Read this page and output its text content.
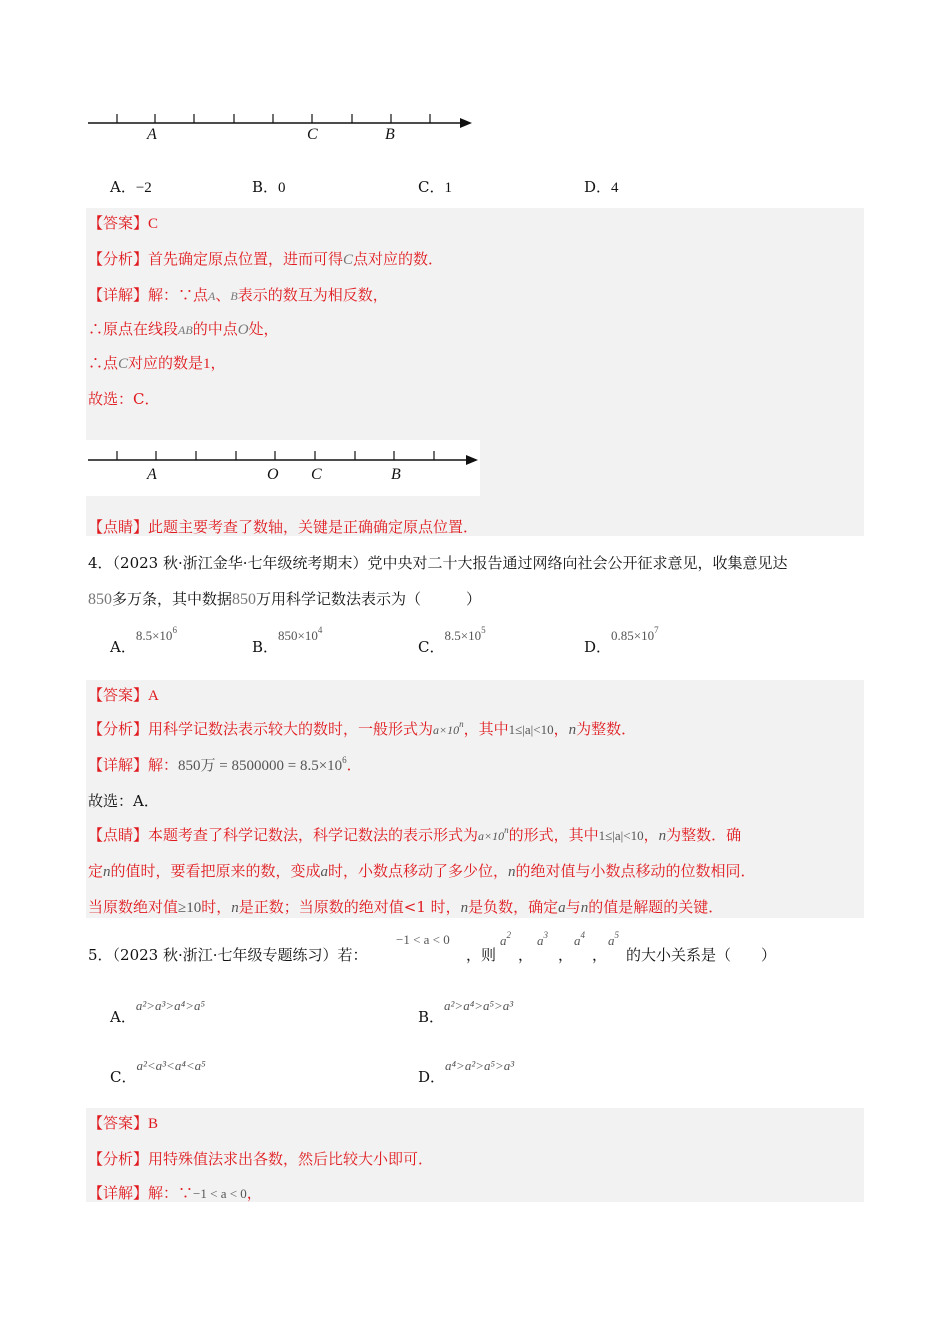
A	C	B
A．−2	B．0	C．1	D．4
【答案】C
【分析】首先确定原点位置，进而可得C点对应的数．
【详解】解：∵点A、B表示的数互为相反数，
∴原点在线段AB的中点O处，
∴点C对应的数是1，
故选：C．
A	O C	B
【点睛】此题主要考查了数轴，关键是正确确定原点位置．
4．（2023 秋·浙江金华·七年级统考期末）党中央对二十大报告通过网络向社会公开征求意见，收集意见达
850多万条，其中数据850万用科学记数法表示为（　　　）
A．$8.5\times 10^6$
B．$850\times 10^4$
C．$8.5\times 10^5$
D．$0.85\times 10^7$
【答案】A
【分析】用科学记数法表示较大的数时，一般形式为$a\times 10^n$，其中1≤|a|<10，n为整数．
【详解】解：850万 = $8500000 = 8.5\times 10^6$．
故选：A．
【点睛】本题考查了科学记数法，科学记数法的表示形式为$a\times 10^n$的形式，其中1≤|a|<10，n为整数．确
定n的值时，要看把原来的数，变成a时，小数点移动了多少位，n的绝对值与小数点移动的位数相同．
当原数绝对值≥10时，n是正数；当原数的绝对值<1 时，n是负数，确定a与n的值是解题的关键．
5．（2023 秋·浙江·七年级专题练习）若：
−1 < a < 0
，则
$a^2$
，
$a^3$
，
$a^4$
，
$a^5$
的大小关系是（　　）
A．a²>a³>a⁴>a⁵
B．a²>a⁴>a⁵>a³
C．a²<a³<a⁴<a⁵
D．a⁴>a²>a⁵>a³
【答案】B
【分析】用特殊值法求出各数，然后比较大小即可．
【详解】解：∵−1 < a < 0，
